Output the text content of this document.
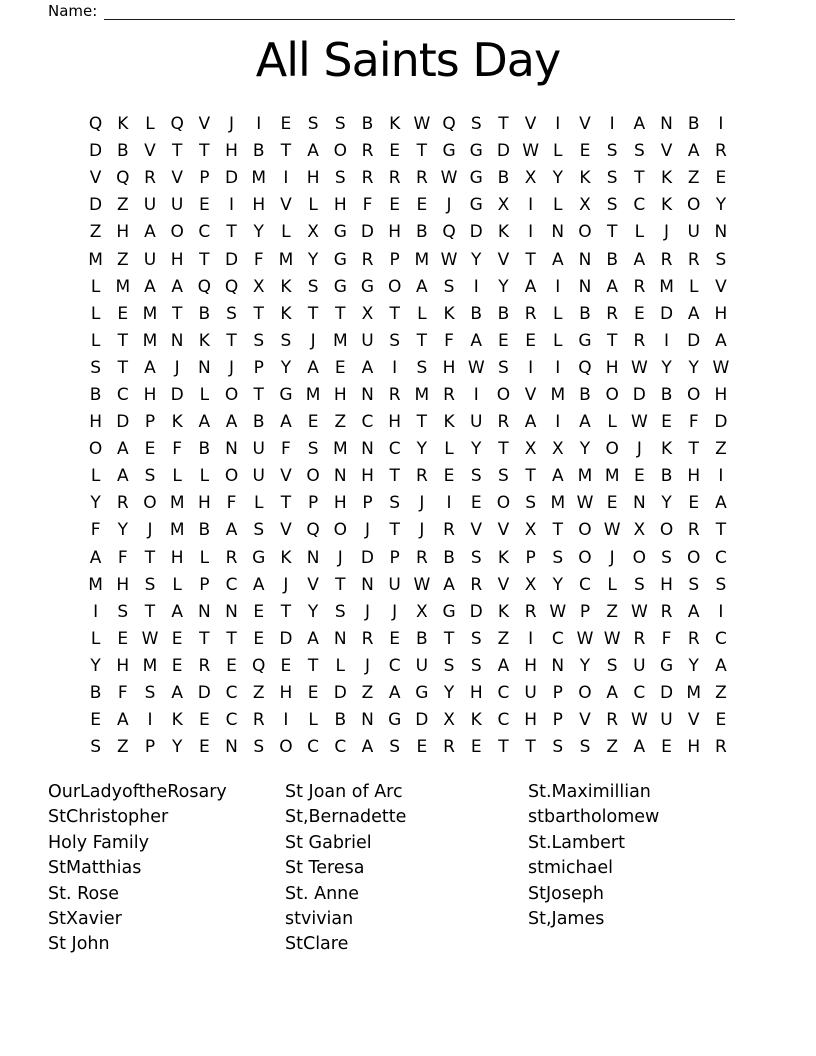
Name:
All Saints Day
Q K L Q V	J	I	E S S B K W Q S T V	I	V	I	A N B	I
D B V T T H B T A O R E T G G D W L	E S S V A R
V Q R V P D M	I	H S R R R W G B X Y K S T K Z E
D Z U U E	I	H V L H F E E	J	G X	I	L X S C K O Y
Z H A O C T Y	L X G D H B Q D K	I	N O T	L	J	U N
M Z U H T D F M Y G R P M W Y V T A N B A R R S
L M A A Q Q X K S G G O A S	I	Y A	I	N A R M L V
L	E M T B S T K T T X T	L K B B R L B R E D A H
L	T M N K T S S	J	M U S T	F A E E	L G T R	I	D A
S T A	J	N	J	P Y A E A	I	S H W S	I	I	Q H W Y Y W
B C H D L O T G M H N R M R	I	O V M B O D B O H
H D P K A A B A E Z C H T K U R A	I	A L W E F D
O A E F B N U F S M N C Y	L	Y T X X Y O	J	K T Z
L A S	L	L O U V O N H T R E S S T A M M E B H	I
Y R O M H F	L	T P H P S	J	I	E O S M W E N Y E A
F	Y	J	M B A S V Q O	J	T	J	R V V X T O W X O R T
A F	T H L R G K N	J	D P R B S K P S O	J	O S O C
M H S	L	P C A	J	V T N U W A R V X Y C L	S H S S
I	S T A N N E T Y S	J	J	X G D K R W P Z W R A	I
L	E W E T T E D A N R E B T S Z	I	C W W R F R C
Y H M E R E Q E T	L	J	C U S S A H N Y S U G Y A
B F S A D C Z H E D Z A G Y H C U P O A C D M Z
E A	I	K E C R	I	L B N G D X K C H P V R W U V E
S Z P Y E N S O C C A S E R E T T S S Z A E H R
OurLadyoftheRosary
StChristopher
Holy Family
StMatthias
St. Rose
StXavier
St John
St Joan of Arc
St,Bernadette
St Gabriel
St Teresa
St. Anne
stvivian
StClare
St.Maximillian
stbartholomew
St.Lambert
stmichael
StJoseph
St,James
